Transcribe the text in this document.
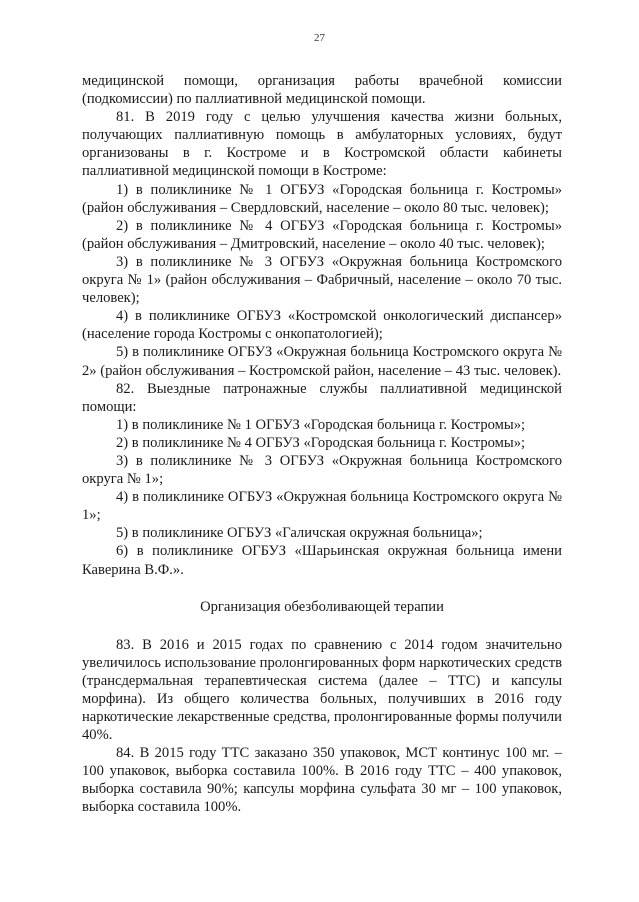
27

медицинской помощи, организация работы врачебной комиссии (подкомиссии) по паллиативной медицинской помощи.

81. В 2019 году с целью улучшения качества жизни больных, получающих паллиативную помощь в амбулаторных условиях, будут организованы в г. Костроме и в Костромской области кабинеты паллиативной медицинской помощи в Костроме:

1) в поликлинике № 1 ОГБУЗ «Городская больница г. Костромы» (район обслуживания – Свердловский, население – около 80 тыс. человек);

2) в поликлинике № 4 ОГБУЗ «Городская больница г. Костромы» (район обслуживания – Дмитровский, население – около 40 тыс. человек);

3) в поликлинике № 3 ОГБУЗ «Окружная больница Костромского округа № 1» (район обслуживания – Фабричный, население – около 70 тыс. человек);

4) в поликлинике ОГБУЗ «Костромской онкологический диспансер» (население города Костромы с онкопатологией);

5) в поликлинике ОГБУЗ «Окружная больница Костромского округа № 2» (район обслуживания – Костромской район, население – 43 тыс. человек).

82. Выездные патронажные службы паллиативной медицинской помощи:

1) в поликлинике № 1 ОГБУЗ «Городская больница г. Костромы»;

2) в поликлинике № 4 ОГБУЗ «Городская больница г. Костромы»;

3) в поликлинике № 3 ОГБУЗ «Окружная больница Костромского округа № 1»;

4) в поликлинике ОГБУЗ «Окружная больница Костромского округа № 1»;

5) в поликлинике ОГБУЗ «Галичская окружная больница»;

6) в поликлинике ОГБУЗ «Шарьинская окружная больница имени Каверина В.Ф.».

Организация обезболивающей терапии

83. В 2016 и 2015 годах по сравнению с 2014 годом значительно увеличилось использование пролонгированных форм наркотических средств (трансдермальная терапевтическая система (далее – ТТС) и капсулы морфина). Из общего количества больных, получивших в 2016 году наркотические лекарственные средства, пролонгированные формы получили 40%.

84. В 2015 году ТТС заказано 350 упаковок, МСТ континус 100 мг. – 100 упаковок, выборка составила 100%. В 2016 году ТТС – 400 упаковок, выборка составила 90%; капсулы морфина сульфата 30 мг – 100 упаковок, выборка составила 100%.
